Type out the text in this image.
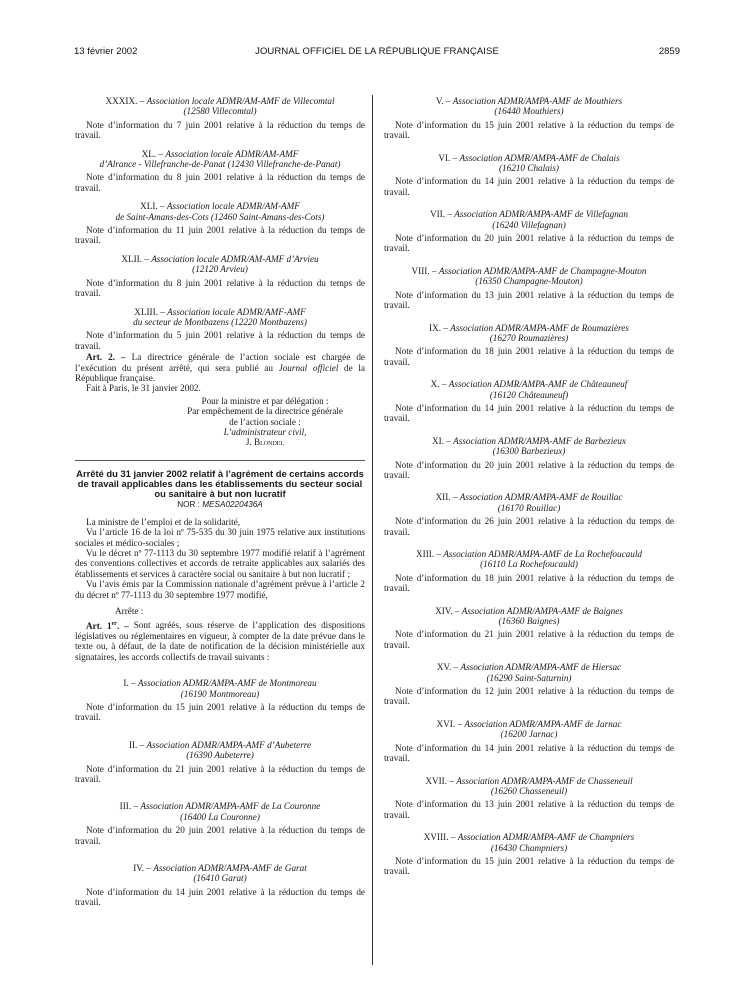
13 février 2002	JOURNAL OFFICIEL DE LA RÉPUBLIQUE FRANÇAISE	2859

XXXIX. – Association locale ADMR/AM-AMF de Villecomtal
(12580 Villecomtal)

Note d’information du 7 juin 2001 relative à la réduction du temps de travail.

XL. – Association locale ADMR/AM-AMF
d’Alrance - Villefranche-de-Panat (12430 Villefranche-de-Panat)

Note d’information du 8 juin 2001 relative à la réduction du temps de travail.

XLI. – Association locale ADMR/AM-AMF
de Saint-Amans-des-Cots (12460 Saint-Amans-des-Cots)

Note d’information du 11 juin 2001 relative à la réduction du temps de travail.

XLII. – Association locale ADMR/AM-AMF d’Arvieu
(12120 Arvieu)

Note d’information du 8 juin 2001 relative à la réduction du temps de travail.

XLIII. – Association locale ADMR/AMF-AMF
du secteur de Montbazens (12220 Montbazens)

Note d’information du 5 juin 2001 relative à la réduction du temps de travail.

Art. 2. – La directrice générale de l’action sociale est chargée de l’exécution du présent arrêté, qui sera publié au Journal officiel de la République française.

Fait à Paris, le 31 janvier 2002.

Pour la ministre et par délégation :
Par empêchement de la directrice générale
de l’action sociale :
L’administrateur civil,
J. Blondel

Arrêté du 31 janvier 2002 relatif à l’agrément de certains accords de travail applicables dans les établissements du secteur social ou sanitaire à but non lucratif

NOR : MESA0220436A

La ministre de l’emploi et de la solidarité,

Vu l’article 16 de la loi nº 75-535 du 30 juin 1975 relative aux institutions sociales et médico-sociales ;

Vu le décret nº 77-1113 du 30 septembre 1977 modifié relatif à l’agrément des conventions collectives et accords de retraite applicables aux salariés des établissements et services à caractère social ou sanitaire à but non lucratif ;

Vu l’avis émis par la Commission nationale d’agrément prévue à l’article 2 du décret nº 77-1113 du 30 septembre 1977 modifié,

Arrête :

Art. 1er. – Sont agréés, sous réserve de l’application des dispositions législatives ou réglementaires en vigueur, à compter de la date prévue dans le texte ou, à défaut, de la date de notification de la décision ministérielle aux signataires, les accords collectifs de travail suivants :

I. – Association ADMR/AMPA-AMF de Montmoreau
(16190 Montmoreau)

Note d’information du 15 juin 2001 relative à la réduction du temps de travail.

II. – Association ADMR/AMPA-AMF d’Aubeterre
(16390 Aubeterre)

Note d’information du 21 juin 2001 relative à la réduction du temps de travail.

III. – Association ADMR/AMPA-AMF de La Couronne
(16400 La Couronne)

Note d’information du 20 juin 2001 relative à la réduction du temps de travail.

IV. – Association ADMR/AMPA-AMF de Garat
(16410 Garat)

Note d’information du 14 juin 2001 relative à la réduction du temps de travail.

V. – Association ADMR/AMPA-AMF de Mouthiers
(16440 Mouthiers)

Note d’information du 15 juin 2001 relative à la réduction du temps de travail.

VI. – Association ADMR/AMPA-AMF de Chalais
(16210 Chalais)

Note d’information du 14 juin 2001 relative à la réduction du temps de travail.

VII. – Association ADMR/AMPA-AMF de Villefagnan
(16240 Villefagnan)

Note d’information du 20 juin 2001 relative à la réduction du temps de travail.

VIII. – Association ADMR/AMPA-AMF de Champagne-Mouton
(16350 Champagne-Mouton)

Note d’information du 13 juin 2001 relative à la réduction du temps de travail.

IX. – Association ADMR/AMPA-AMF de Roumazières
(16270 Roumazières)

Note d’information du 18 juin 2001 relative à la réduction du temps de travail.

X. – Association ADMR/AMPA-AMF de Châteauneuf
(16120 Châteauneuf)

Note d’information du 14 juin 2001 relative à la réduction du temps de travail.

XI. – Association ADMR/AMPA-AMF de Barbezieux
(16300 Barbezieux)

Note d’information du 20 juin 2001 relative à la réduction du temps de travail.

XII. – Association ADMR/AMPA-AMF de Rouillac
(16170 Rouillac)

Note d’information du 26 juin 2001 relative à la réduction du temps de travail.

XIII. – Association ADMR/AMPA-AMF de La Rochefoucauld
(16110 La Rochefoucauld)

Note d’information du 18 juin 2001 relative à la réduction du temps de travail.

XIV. – Association ADMR/AMPA-AMF de Baignes
(16360 Baignes)

Note d’information du 21 juin 2001 relative à la réduction du temps de travail.

XV. – Association ADMR/AMPA-AMF de Hiersac
(16290 Saint-Saturnin)

Note d’information du 12 juin 2001 relative à la réduction du temps de travail.

XVI. – Association ADMR/AMPA-AMF de Jarnac
(16200 Jarnac)

Note d’information du 14 juin 2001 relative à la réduction du temps de travail.

XVII. – Association ADMR/AMPA-AMF de Chasseneuil
(16260 Chasseneuil)

Note d’information du 13 juin 2001 relative à la réduction du temps de travail.

XVIII. – Association ADMR/AMPA-AMF de Champniers
(16430 Champniers)

Note d’information du 15 juin 2001 relative à la réduction du temps de travail.
